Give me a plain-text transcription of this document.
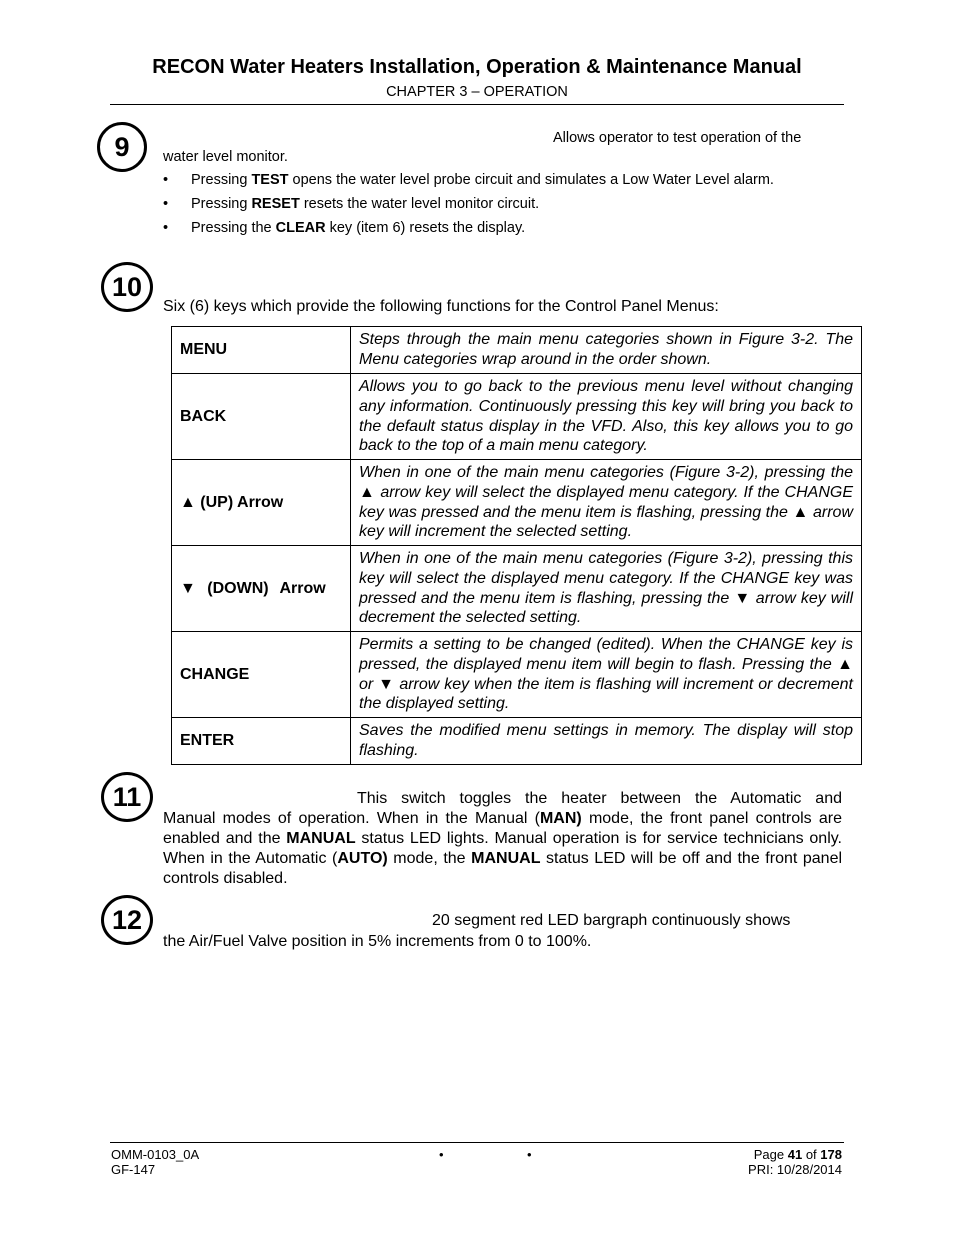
RECON Water Heaters Installation, Operation & Maintenance Manual
CHAPTER 3 – OPERATION
9	Allows operator to test operation of the
water level monitor.
• Pressing TEST opens the water level probe circuit and simulates a Low Water Level alarm.
• Pressing RESET resets the water level monitor circuit.
• Pressing the CLEAR key (item 6) resets the display.
10
Six (6) keys which provide the following functions for the Control Panel Menus:
MENU	Steps through the main menu categories shown in Figure 3-2. The Menu categories wrap around in the order shown.
BACK	Allows you to go back to the previous menu level without changing any information. Continuously pressing this key will bring you back to the default status display in the VFD. Also, this key allows you to go back to the top of a main menu category.
▲ (UP) Arrow	When in one of the main menu categories (Figure 3-2), pressing the ▲ arrow key will select the displayed menu category. If the CHANGE key was pressed and the menu item is flashing, pressing the ▲ arrow key will increment the selected setting.
▼ (DOWN) Arrow	When in one of the main menu categories (Figure 3-2), pressing this key will select the displayed menu category. If the CHANGE key was pressed and the menu item is flashing, pressing the ▼ arrow key will decrement the selected setting.
CHANGE	Permits a setting to be changed (edited). When the CHANGE key is pressed, the displayed menu item will begin to flash. Pressing the ▲ or ▼ arrow key when the item is flashing will increment or decrement the displayed setting.
ENTER	Saves the modified menu settings in memory. The display will stop flashing.
11	This switch toggles the heater between the Automatic and
Manual modes of operation. When in the Manual (MAN) mode, the front panel controls are enabled and the MANUAL status LED lights. Manual operation is for service technicians only. When in the Automatic (AUTO) mode, the MANUAL status LED will be off and the front panel controls disabled.
12	20 segment red LED bargraph continuously shows
the Air/Fuel Valve position in 5% increments from 0 to 100%.
OMM-0103_0A
GF-147
•	•	Page 41 of 178
PRI: 10/28/2014
